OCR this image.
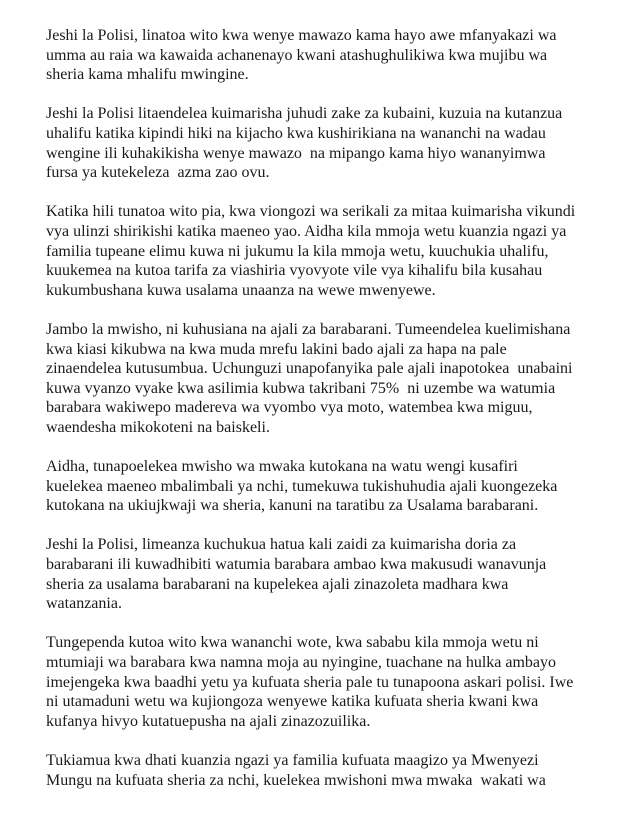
Jeshi la Polisi, linatoa wito kwa wenye mawazo kama hayo awe mfanyakazi wa
umma au raia wa kawaida achanenayo kwani atashughulikiwa kwa mujibu wa
sheria kama mhalifu mwingine.

Jeshi la Polisi litaendelea kuimarisha juhudi zake za kubaini, kuzuia na kutanzua
uhalifu katika kipindi hiki na kijacho kwa kushirikiana na wananchi na wadau
wengine ili kuhakikisha wenye mawazo  na mipango kama hiyo wananyimwa
fursa ya kutekeleza  azma zao ovu.

Katika hili tunatoa wito pia, kwa viongozi wa serikali za mitaa kuimarisha vikundi
vya ulinzi shirikishi katika maeneo yao. Aidha kila mmoja wetu kuanzia ngazi ya
familia tupeane elimu kuwa ni jukumu la kila mmoja wetu, kuuchukia uhalifu,
kuukemea na kutoa tarifa za viashiria vyovyote vile vya kihalifu bila kusahau
kukumbushana kuwa usalama unaanza na wewe mwenyewe.

Jambo la mwisho, ni kuhusiana na ajali za barabarani. Tumeendelea kuelimishana
kwa kiasi kikubwa na kwa muda mrefu lakini bado ajali za hapa na pale
zinaendelea kutusumbua. Uchunguzi unapofanyika pale ajali inapotokea  unabaini
kuwa vyanzo vyake kwa asilimia kubwa takribani 75%  ni uzembe wa watumia
barabara wakiwepo madereva wa vyombo vya moto, watembea kwa miguu,
waendesha mikokoteni na baiskeli.

Aidha, tunapoelekea mwisho wa mwaka kutokana na watu wengi kusafiri
kuelekea maeneo mbalimbali ya nchi, tumekuwa tukishuhudia ajali kuongezeka
kutokana na ukiujkwaji wa sheria, kanuni na taratibu za Usalama barabarani.

Jeshi la Polisi, limeanza kuchukua hatua kali zaidi za kuimarisha doria za
barabarani ili kuwadhibiti watumia barabara ambao kwa makusudi wanavunja
sheria za usalama barabarani na kupelekea ajali zinazoleta madhara kwa
watanzania.

Tungependa kutoa wito kwa wananchi wote, kwa sababu kila mmoja wetu ni
mtumiaji wa barabara kwa namna moja au nyingine, tuachane na hulka ambayo
imejengeka kwa baadhi yetu ya kufuata sheria pale tu tunapoona askari polisi. Iwe
ni utamaduni wetu wa kujiongoza wenyewe katika kufuata sheria kwani kwa
kufanya hivyo kutatuepusha na ajali zinazozuilika.

Tukiamua kwa dhati kuanzia ngazi ya familia kufuata maagizo ya Mwenyezi
Mungu na kufuata sheria za nchi, kuelekea mwishoni mwa mwaka  wakati wa
